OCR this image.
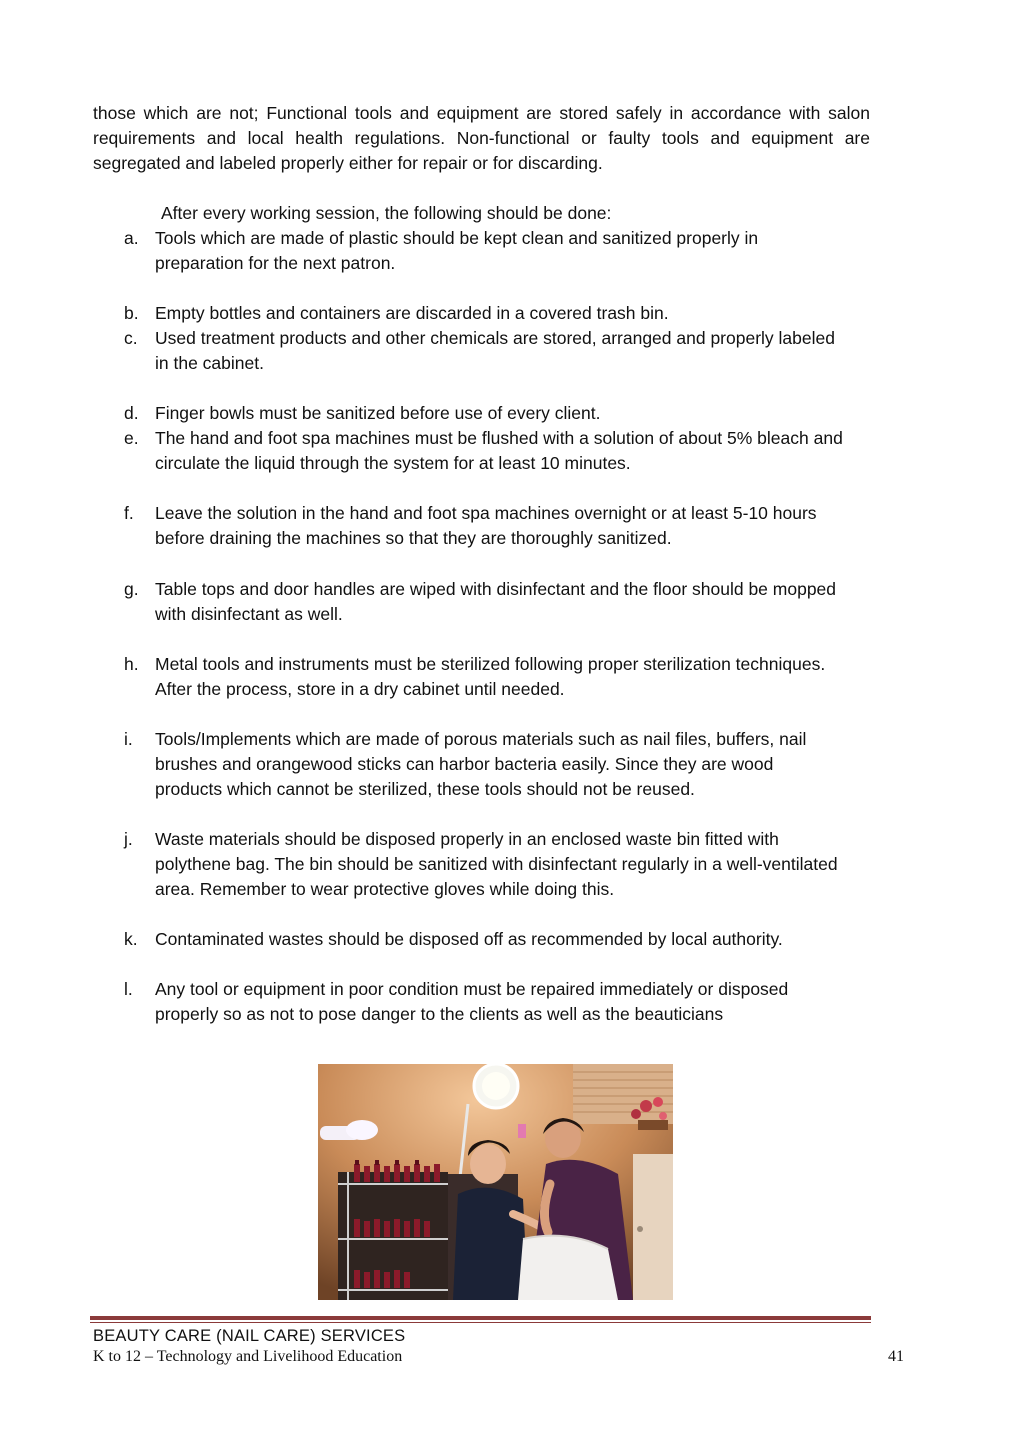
those which are not; Functional tools and equipment are stored safely in accordance with salon requirements and local health regulations. Non-functional or faulty tools and equipment are segregated and labeled properly either for repair or for discarding.

After every working session, the following should be done:

a. Tools which are made of plastic should be kept clean and sanitized properly in preparation for the next patron.
b. Empty bottles and containers are discarded in a covered trash bin.
c. Used treatment products and other chemicals are stored, arranged and properly labeled in the cabinet.
d. Finger bowls must be sanitized before use of every client.
e. The hand and foot spa machines must be flushed with a solution of about 5% bleach and circulate the liquid through the system for at least 10 minutes.
f. Leave the solution in the hand and foot spa machines overnight or at least 5-10 hours before draining the machines so that they are thoroughly sanitized.
g. Table tops and door handles are wiped with disinfectant and the floor should be mopped with disinfectant as well.
h. Metal tools and instruments must be sterilized following proper sterilization techniques. After the process, store in a dry cabinet until needed.
i. Tools/Implements which are made of porous materials such as nail files, buffers, nail brushes and orangewood sticks can harbor bacteria easily. Since they are wood products which cannot be sterilized, these tools should not be reused.
j. Waste materials should be disposed properly in an enclosed waste bin fitted with polythene bag. The bin should be sanitized with disinfectant regularly in a well-ventilated area. Remember to wear protective gloves while doing this.
k. Contaminated wastes should be disposed off as recommended by local authority.
l. Any tool or equipment in poor condition must be repaired immediately or disposed properly so as not to pose danger to the clients as well as the beauticians
BEAUTY CARE (NAIL CARE) SERVICES
K to 12 – Technology and Livelihood Education	41
